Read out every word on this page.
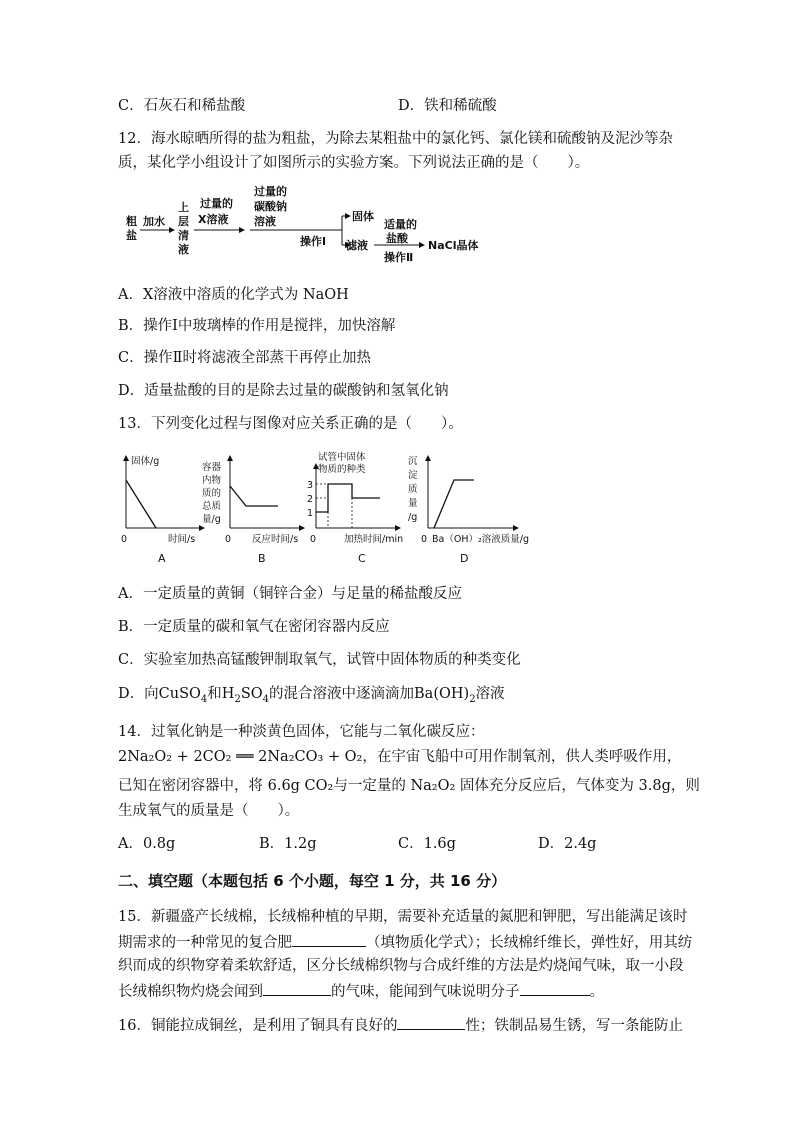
C．石灰石和稀盐酸	D．铁和稀硫酸
12．海水晾晒所得的盐为粗盐，为除去某粗盐中的氯化钙、氯化镁和硫酸钠及泥沙等杂
质，某化学小组设计了如图所示的实验方案。下列说法正确的是（　　）。
粗
盐
加水
上
层
清
液
过量的
X溶液
过量的
碳酸钠
溶液
操作Ⅰ
固体
滤液
适量的
盐酸
操作Ⅱ
NaCl晶体
A．X溶液中溶质的化学式为 NaOH
B．操作Ⅰ中玻璃棒的作用是搅拌，加快溶解
C．操作Ⅱ时将滤液全部蒸干再停止加热
D．适量盐酸的目的是除去过量的碳酸钠和氢氧化钠
13．下列变化过程与图像对应关系正确的是（　　）。
固体/g
时间/s
0
A
容器
内物
质的
总质
量/g
反应时间/s
0
B
试管中固体
物质的种类
3
2
1
加热时间/min
0
C
沉
淀
质
量
/g
Ba（OH）₂溶液质量/g
0
D
A．一定质量的黄铜（铜锌合金）与足量的稀盐酸反应
B．一定质量的碳和氧气在密闭容器内反应
C．实验室加热高锰酸钾制取氧气，试管中固体物质的种类变化
D．向CuSO$_4$和$H_2SO_4$的混合溶液中逐滴滴加$Ba(OH)_2$溶液
14．过氧化钠是一种淡黄色固体，它能与二氧化碳反应：
2Na₂O₂ + 2CO₂ ══ 2Na₂CO₃ + O₂，在宇宙飞船中可用作制氧剂，供人类呼吸作用，
已知在密闭容器中，将 6.6g CO₂与一定量的 Na₂O₂ 固体充分反应后，气体变为 3.8g，则
生成氧气的质量是（　　）。
A．0.8g	B．1.2g	C．1.6g	D．2.4g
二、填空题（本题包括 6 个小题，每空 1 分，共 16 分）
15．新疆盛产长绒棉，长绒棉种植的早期，需要补充适量的氮肥和钾肥，写出能满足该时
期需求的一种常见的复合肥	（填物质化学式）；长绒棉纤维长，弹性好，用其纺
织而成的织物穿着柔软舒适，区分长绒棉织物与合成纤维的方法是灼烧闻气味，取一小段
长绒棉织物灼烧会闻到	的气味，能闻到气味说明分子	。
16．铜能拉成铜丝，是利用了铜具有良好的	性；铁制品易生锈，写一条能防止
